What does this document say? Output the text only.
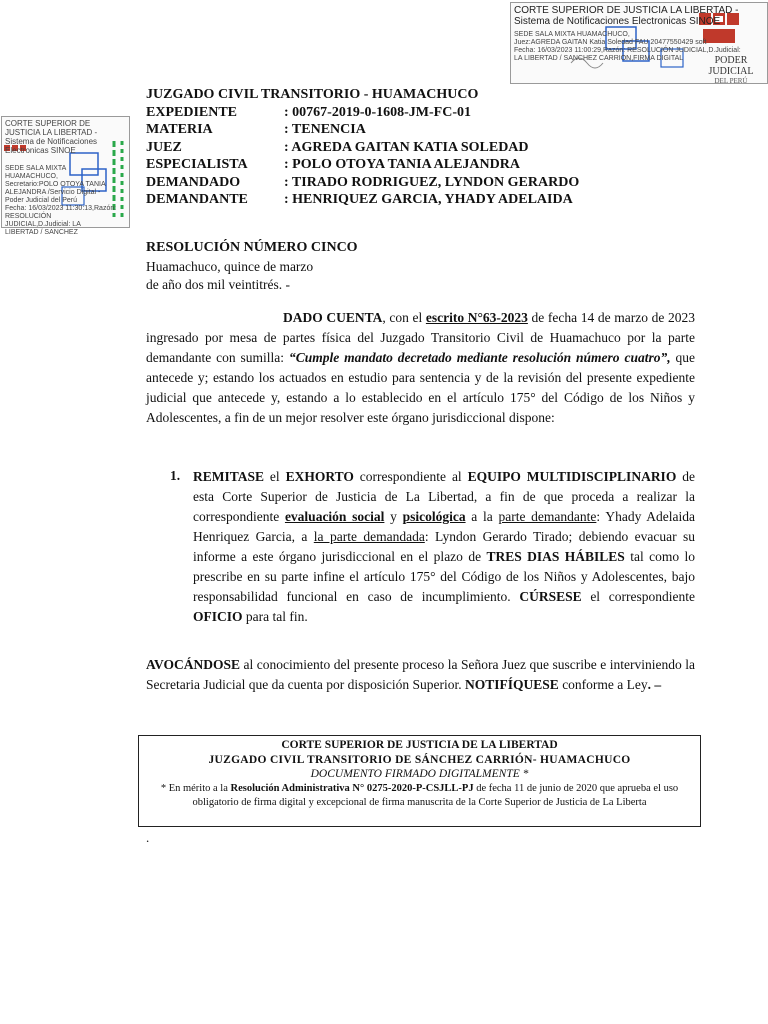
CORTE SUPERIOR DE JUSTICIA LA LIBERTAD - Sistema de Notificaciones Electronicas SINOE
SEDE SALA MIXTA HUAMACHUCO,
Juez:AGREDA GAITAN Katia Soledad FAU 20477550429 soft
Fecha: 16/03/2023 11:00:29,Razón: RESOLUCIÓN JUDICIAL,D.Judicial:
LA LIBERTAD / SANCHEZ CARRION,FIRMA DIGITAL	PODER JUDICIAL
DEL PERÚ
CORTE SUPERIOR DE JUSTICIA LA LIBERTAD - Sistema de Notificaciones Electronicas SINOE
SEDE SALA MIXTA
HUAMACHUCO,
Secretario:POLO OTOYA TANIA
ALEJANDRA /Servicio Digital -
Poder Judicial del Perú
Fecha: 16/03/2023 11:30:13,Razón:
RESOLUCIÓN
JUDICIAL,D.Judicial: LA
LIBERTAD / SANCHEZ
JUZGADO CIVIL TRANSITORIO - HUAMACHUCO
EXPEDIENTE	: 00767-2019-0-1608-JM-FC-01
MATERIA	: TENENCIA
JUEZ	: AGREDA GAITAN KATIA SOLEDAD
ESPECIALISTA	: POLO OTOYA TANIA ALEJANDRA
DEMANDADO	: TIRADO RODRIGUEZ, LYNDON GERARDO
DEMANDANTE	: HENRIQUEZ GARCIA, YHADY ADELAIDA
RESOLUCIÓN NÚMERO CINCO
Huamachuco, quince de marzo
de año dos mil veintitrés. -
DADO CUENTA, con el escrito N°63-2023 de fecha 14 de marzo de 2023 ingresado por mesa de partes física del Juzgado Transitorio Civil de Huamachuco por la parte demandante con sumilla: “Cumple mandato decretado mediante resolución número cuatro”, que antecede y; estando los actuados en estudio para sentencia y de la revisión del presente expediente judicial que antecede y, estando a lo establecido en el artículo 175° del Código de los Niños y Adolescentes, a fin de un mejor resolver este órgano jurisdiccional dispone:
1. REMITASE el EXHORTO correspondiente al EQUIPO MULTIDISCIPLINARIO de esta Corte Superior de Justicia de La Libertad, a fin de que proceda a realizar la correspondiente evaluación social y psicológica a la parte demandante: Yhady Adelaida Henriquez Garcia, a la parte demandada: Lyndon Gerardo Tirado; debiendo evacuar su informe a este órgano jurisdiccional en el plazo de TRES DIAS HÁBILES tal como lo prescribe en su parte infine el artículo 175° del Código de los Niños y Adolescentes, bajo responsabilidad funcional en caso de incumplimiento. CÚRSESE el correspondiente OFICIO para tal fin.
AVOCÁNDOSE al conocimiento del presente proceso la Señora Juez que suscribe e interviniendo la Secretaria Judicial que da cuenta por disposición Superior. NOTIFÍQUESE conforme a Ley. –
CORTE SUPERIOR DE JUSTICIA DE LA LIBERTAD
JUZGADO CIVIL TRANSITORIO DE SÁNCHEZ CARRIÓN- HUAMACHUCO
DOCUMENTO FIRMADO DIGITALMENTE *
* En mérito a la Resolución Administrativa N° 0275-2020-P-CSJLL-PJ de fecha 11 de junio de 2020 que aprueba el uso obligatorio de firma digital y excepcional de firma manuscrita de la Corte Superior de Justicia de La Liberta
.
